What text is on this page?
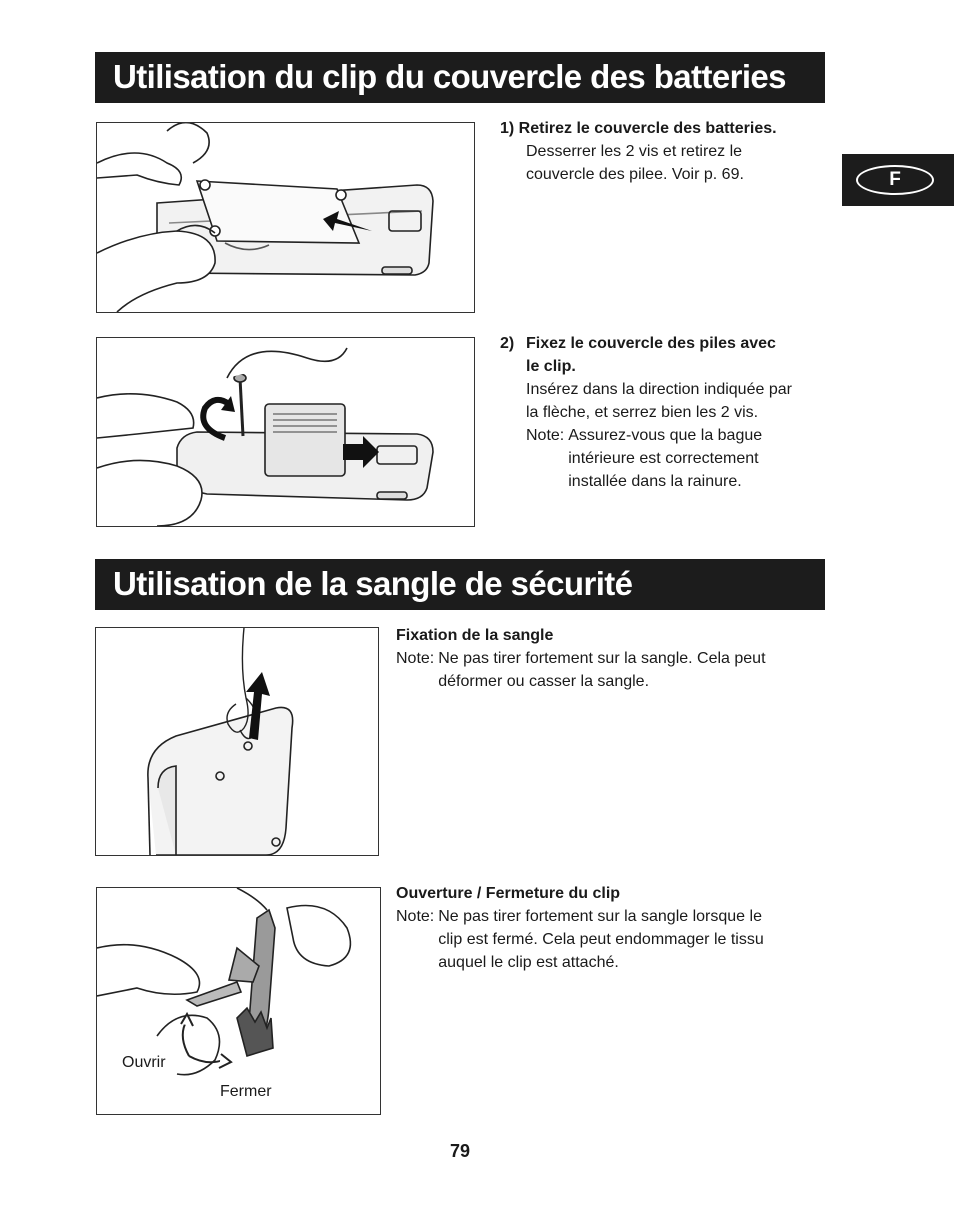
Utilisation du clip du couvercle des batteries
F
1) Retirez le couvercle des batteries.
Desserrer les 2 vis et retirez le
couvercle des pilee. Voir p. 69.
2) Fixez le couvercle des piles avec
le clip.
Insérez dans la direction indiquée par
la flèche, et serrez bien les 2 vis.
Note: Assurez-vous que la bague
intérieure est correctement
installée dans la rainure.
Utilisation de la sangle de sécurité
Fixation de la sangle
Note: Ne pas tirer fortement sur la sangle. Cela peut
déformer ou casser la sangle.
Ouvrir
Fermer
Ouverture / Fermeture du clip
Note: Ne pas tirer fortement sur la sangle lorsque le
clip est fermé. Cela peut endommager le tissu
auquel le clip est attaché.
79
